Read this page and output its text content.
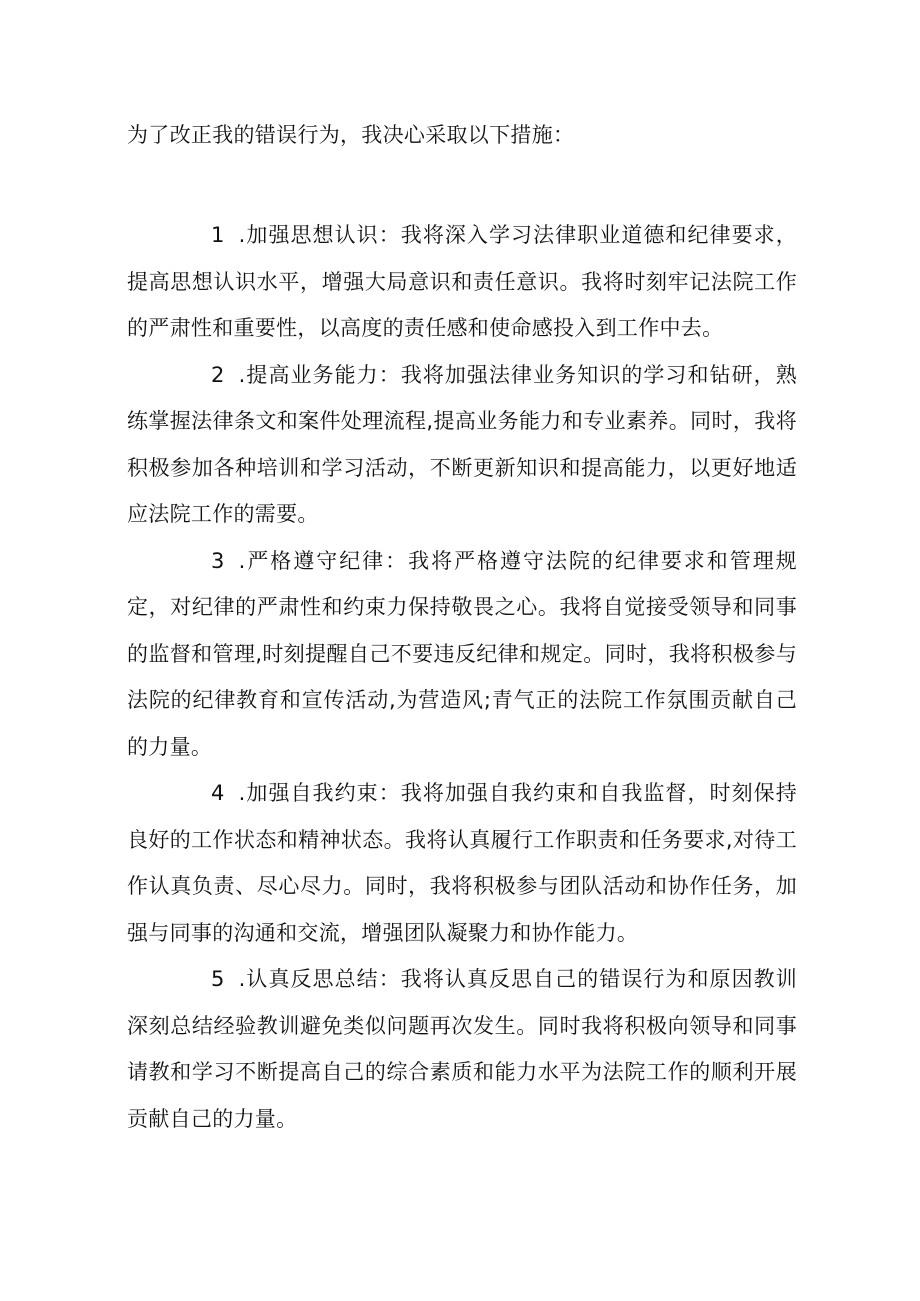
为了改正我的错误行为，我决心采取以下措施：

1 .加强思想认识：我将深入学习法律职业道德和纪律要求，提高思想认识水平，增强大局意识和责任意识。我将时刻牢记法院工作的严肃性和重要性，以高度的责任感和使命感投入到工作中去。

2 .提高业务能力：我将加强法律业务知识的学习和钻研，熟练掌握法律条文和案件处理流程,提高业务能力和专业素养。同时，我将积极参加各种培训和学习活动，不断更新知识和提高能力，以更好地适应法院工作的需要。

3 .严格遵守纪律：我将严格遵守法院的纪律要求和管理规定，对纪律的严肃性和约束力保持敬畏之心。我将自觉接受领导和同事的监督和管理,时刻提醒自己不要违反纪律和规定。同时，我将积极参与法院的纪律教育和宣传活动,为营造风;青气正的法院工作氛围贡献自己的力量。

4 .加强自我约束：我将加强自我约束和自我监督，时刻保持良好的工作状态和精神状态。我将认真履行工作职责和任务要求,对待工作认真负责、尽心尽力。同时，我将积极参与团队活动和协作任务，加强与同事的沟通和交流，增强团队凝聚力和协作能力。

5 .认真反思总结：我将认真反思自己的错误行为和原因教训深刻总结经验教训避免类似问题再次发生。同时我将积极向领导和同事请教和学习不断提高自己的综合素质和能力水平为法院工作的顺利开展贡献自己的力量。
